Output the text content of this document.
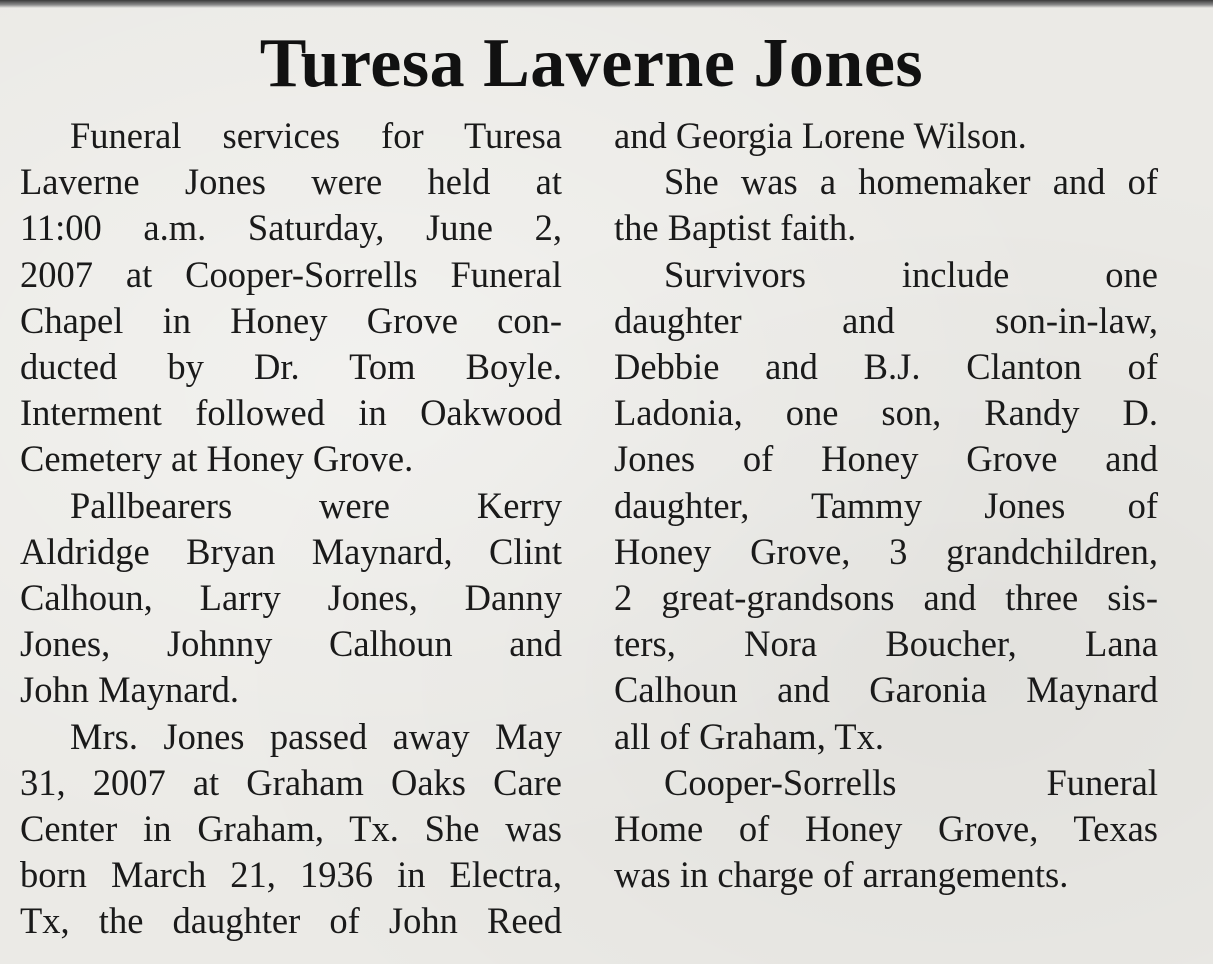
Turesa Laverne Jones
Funeral services for Turesa
Laverne Jones were held at
11:00 a.m. Saturday, June 2,
2007 at Cooper-Sorrells Funeral
Chapel in Honey Grove con-
ducted by Dr. Tom Boyle.
Interment followed in Oakwood
Cemetery at Honey Grove.
Pallbearers were Kerry
Aldridge Bryan Maynard, Clint
Calhoun, Larry Jones, Danny
Jones, Johnny Calhoun and
John Maynard.
Mrs. Jones passed away May
31, 2007 at Graham Oaks Care
Center in Graham, Tx. She was
born March 21, 1936 in Electra,
Tx, the daughter of John Reed
and Georgia Lorene Wilson.
She was a homemaker and of
the Baptist faith.
Survivors include one
daughter and son-in-law,
Debbie and B.J. Clanton of
Ladonia, one son, Randy D.
Jones of Honey Grove and
daughter, Tammy Jones of
Honey Grove, 3 grandchildren,
2 great-grandsons and three sis-
ters, Nora Boucher, Lana
Calhoun and Garonia Maynard
all of Graham, Tx.
Cooper-Sorrells Funeral
Home of Honey Grove, Texas
was in charge of arrangements.
